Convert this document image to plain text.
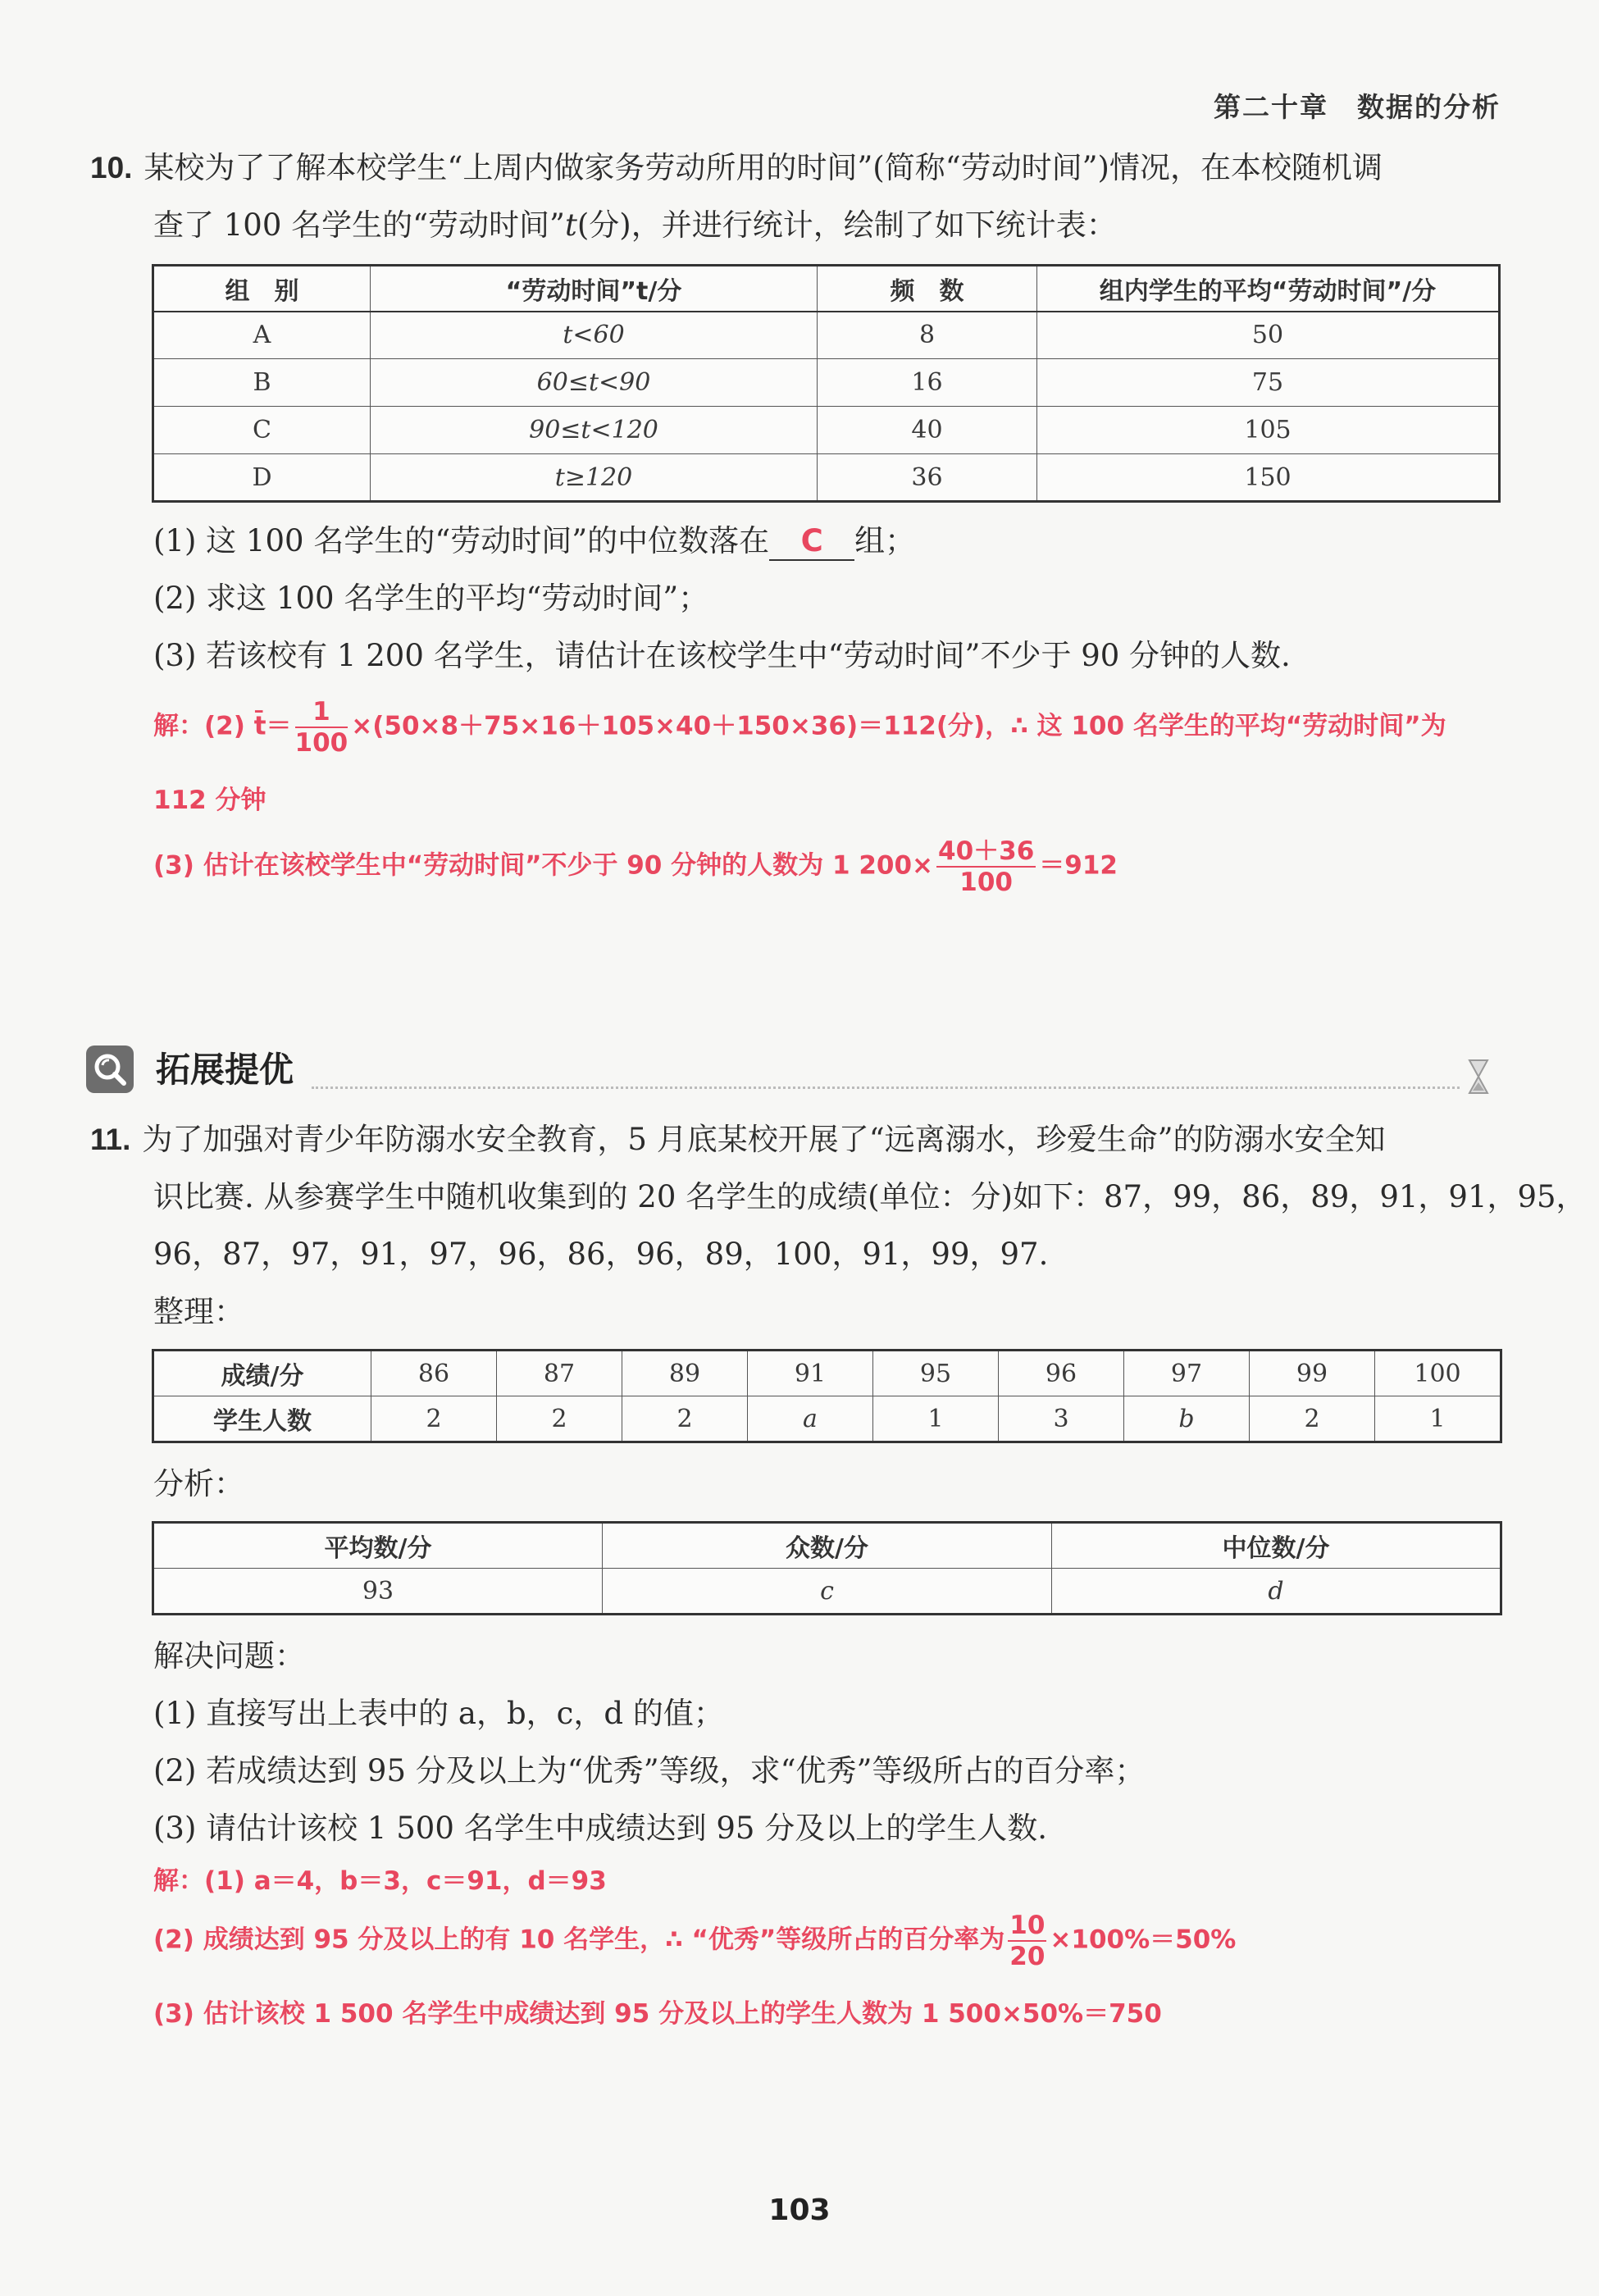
第二十章　数据的分析
10. 某校为了了解本校学生“上周内做家务劳动所用的时间”(简称“劳动时间”)情况，在本校随机调
查了 100 名学生的“劳动时间”t(分)，并进行统计，绘制了如下统计表：
组　别	“劳动时间”t/分	频　数	组内学生的平均“劳动时间”/分
A	t<60	8	50
B	60≤t<90	16	75
C	90≤t<120	40	105
D	t≥120	36	150
(1) 这 100 名学生的“劳动时间”的中位数落在 C 组；
(2) 求这 100 名学生的平均“劳动时间”；
(3) 若该校有 1 200 名学生，请估计在该校学生中“劳动时间”不少于 90 分钟的人数.
解：(2) t̄＝ $\frac{1}{100} \times(50\times 8+75\times 16+105\times 40+150\times 36)=112$(分)，∴ 这 100 名学生的平均“劳动时间”为
112 分钟
(3) 估计在该校学生中“劳动时间”不少于 90 分钟的人数为 1 $200\times \frac{40+36}{100} =912$
拓展提优
11. 为了加强对青少年防溺水安全教育，5 月底某校开展了“远离溺水，珍爱生命”的防溺水安全知
识比赛. 从参赛学生中随机收集到的 20 名学生的成绩(单位：分)如下：87，99，86，89，91，91，95，
96，87，97，91，97，96，86，96，89，100，91，99，97.
整理：
成绩/分	86	87	89	91	95	96	97	99	100
学生人数	2	2	2	a	1	3	b	2	1
分析：
平均数/分	众数/分	中位数/分
93	c	d
解决问题：
(1) 直接写出上表中的 a，b，c，d 的值；
(2) 若成绩达到 95 分及以上为“优秀”等级，求“优秀”等级所占的百分率；
(3) 请估计该校 1 500 名学生中成绩达到 95 分及以上的学生人数.
解：(1) a＝4，b＝3，c＝91，d＝93
(2) 成绩达到 95 分及以上的有 10 名学生，∴ “优秀”等级所占的百分率为 $\frac{10}{20} \times 100\%=50\%$
(3) 估计该校 1 500 名学生中成绩达到 95 分及以上的学生人数为 1 500×50%＝750
103
